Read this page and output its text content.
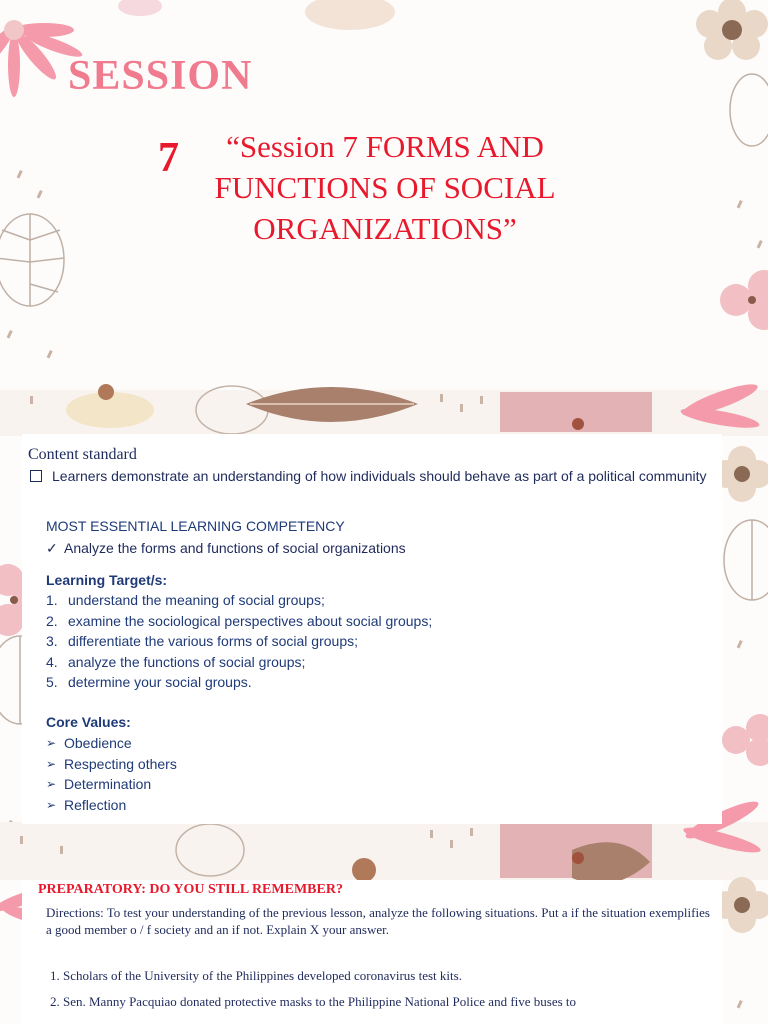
SESSION
7	“Session 7 FORMS AND FUNCTIONS OF SOCIAL ORGANIZATIONS”
Content standard
Learners demonstrate an understanding of how individuals should behave as part of a political community
MOST ESSENTIAL LEARNING COMPETENCY
✓ Analyze the forms and functions of social organizations
Learning Target/s:
1. understand the meaning of social groups;
2. examine the sociological perspectives about social groups;
3. differentiate the various forms of social groups;
4. analyze the functions of social groups;
5. determine your social groups.
Core Values:
➢ Obedience
➢ Respecting others
➢ Determination
➢ Reflection
PREPARATORY: DO YOU STILL REMEMBER?
Directions: To test your understanding of the previous lesson, analyze the following situations. Put a if the situation exemplifies a good member o / f society and an if not. Explain X your answer.
1. Scholars of the University of the Philippines developed coronavirus test kits.
2. Sen. Manny Pacquiao donated protective masks to the Philippine National Police and five buses to
